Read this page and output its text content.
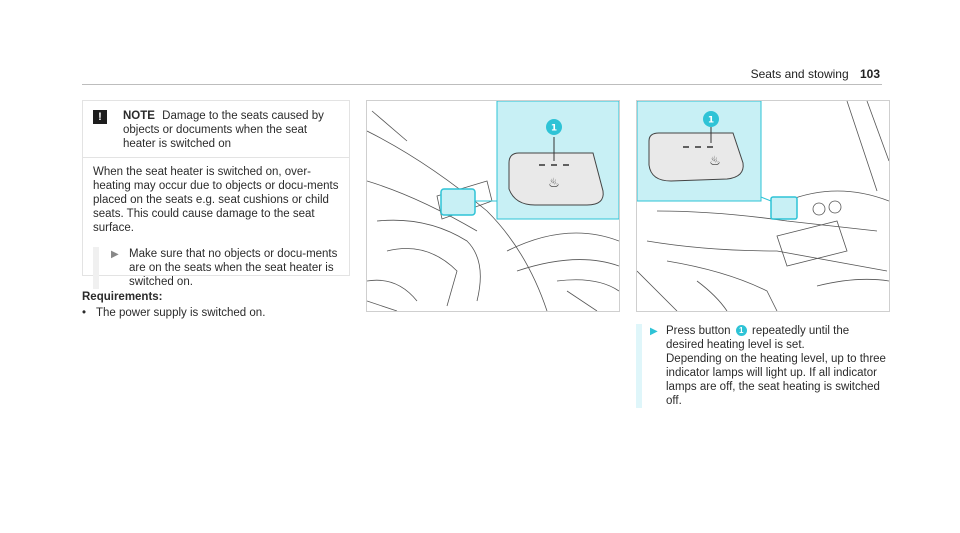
Seats and stowing 103
!	NOTE Damage to the seats caused by objects or documents when the seat heater is switched on
When the seat heater is switched on, over-heating may occur due to objects or docu-ments placed on the seats e.g. seat cushions or child seats. This could cause damage to the seat surface.
▶ Make sure that no objects or docu-ments are on the seats when the seat heater is switched on.
Requirements:
• The power supply is switched on.
♨
1
♨
1
▶ Press button 1 repeatedly until the desired heating level is set.
Depending on the heating level, up to three indicator lamps will light up. If all indicator lamps are off, the seat heating is switched off.
